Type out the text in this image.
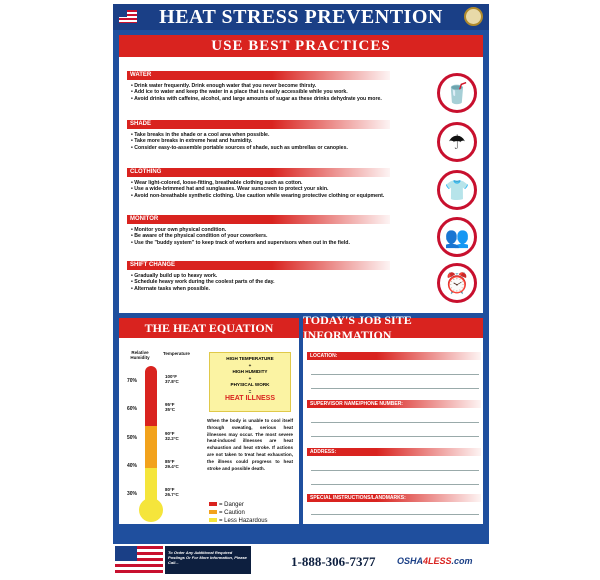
HEAT STRESS PREVENTION
USE BEST PRACTICES
WATER
• Drink water frequently. Drink enough water that you never become thirsty.
• Add ice to water and keep the water in a place that is easily accessible while you work.
• Avoid drinks with caffeine, alcohol, and large amounts of sugar as these drinks dehydrate you more.	🥤
SHADE
• Take breaks in the shade or a cool area when possible.
• Take more breaks in extreme heat and humidity.
• Consider easy-to-assemble portable sources of shade, such as umbrellas or canopies.	☂
CLOTHING
• Wear light-colored, loose-fitting, breathable clothing such as cotton.
• Use a wide-brimmed hat and sunglasses. Wear sunscreen to protect your skin.
• Avoid non-breathable synthetic clothing. Use caution while wearing protective clothing or equipment.	👕
MONITOR
• Monitor your own physical condition.
• Be aware of the physical condition of your coworkers.
• Use the "buddy system" to keep track of workers and supervisors when out in the field.	👥
SHIFT CHANGE
• Gradually build up to heavy work.
• Schedule heavy work during the coolest parts of the day.
• Alternate tasks when possible.	⏰
THE HEAT EQUATION
Relative Humidity
Temperature
70%
60%
50%
40%
30%
100°F
37.8°C
95°F
35°C
90°F
32.2°C
85°F
29.4°C
80°F
26.7°C
HIGH TEMPERATURE
+
HIGH HUMIDITY
+
PHYSICAL WORK
=
HEAT ILLNESS
When the body is unable to cool itself through sweating, serious heat illnesses may occur. The most severe heat-induced illnesses are heat exhaustion and heat stroke. If actions are not taken to treat heat exhaustion, the illness could progress to heat stroke and possible death.
= Danger
= Caution
= Less Hazardous
TODAY'S JOB SITE INFORMATION
LOCATION:
SUPERVISOR NAME/PHONE NUMBER:
ADDRESS:
SPECIAL INSTRUCTIONS/LANDMARKS:
To Order Any Additional Required Postings Or For More Information, Please Call...	1-888-306-7377 OSHA4LESS.com
